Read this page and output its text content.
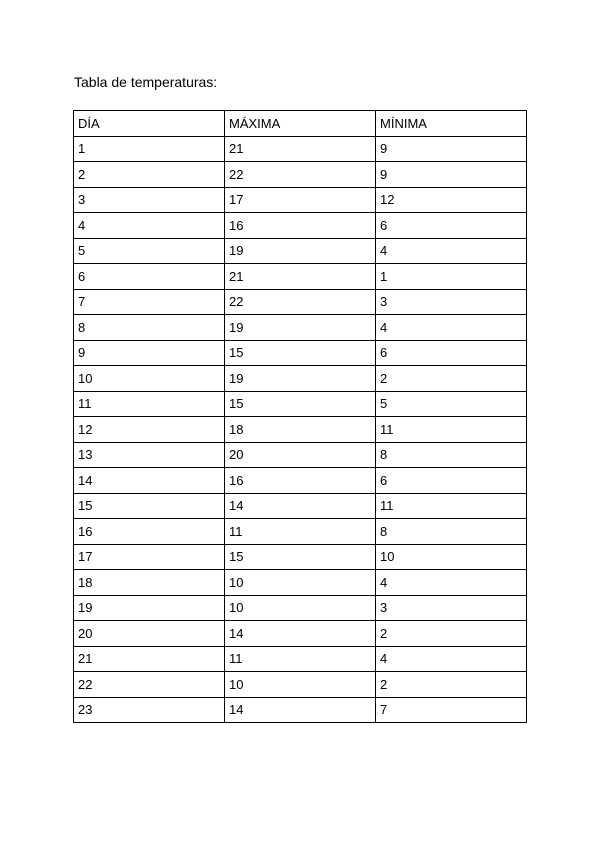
Tabla de temperaturas:
DÍA	MÁXIMA	MÍNIMA
1	21	9
2	22	9
3	17	12
4	16	6
5	19	4
6	21	1
7	22	3
8	19	4
9	15	6
10	19	2
11	15	5
12	18	11
13	20	8
14	16	6
15	14	11
16	11	8
17	15	10
18	10	4
19	10	3
20	14	2
21	11	4
22	10	2
23	14	7
